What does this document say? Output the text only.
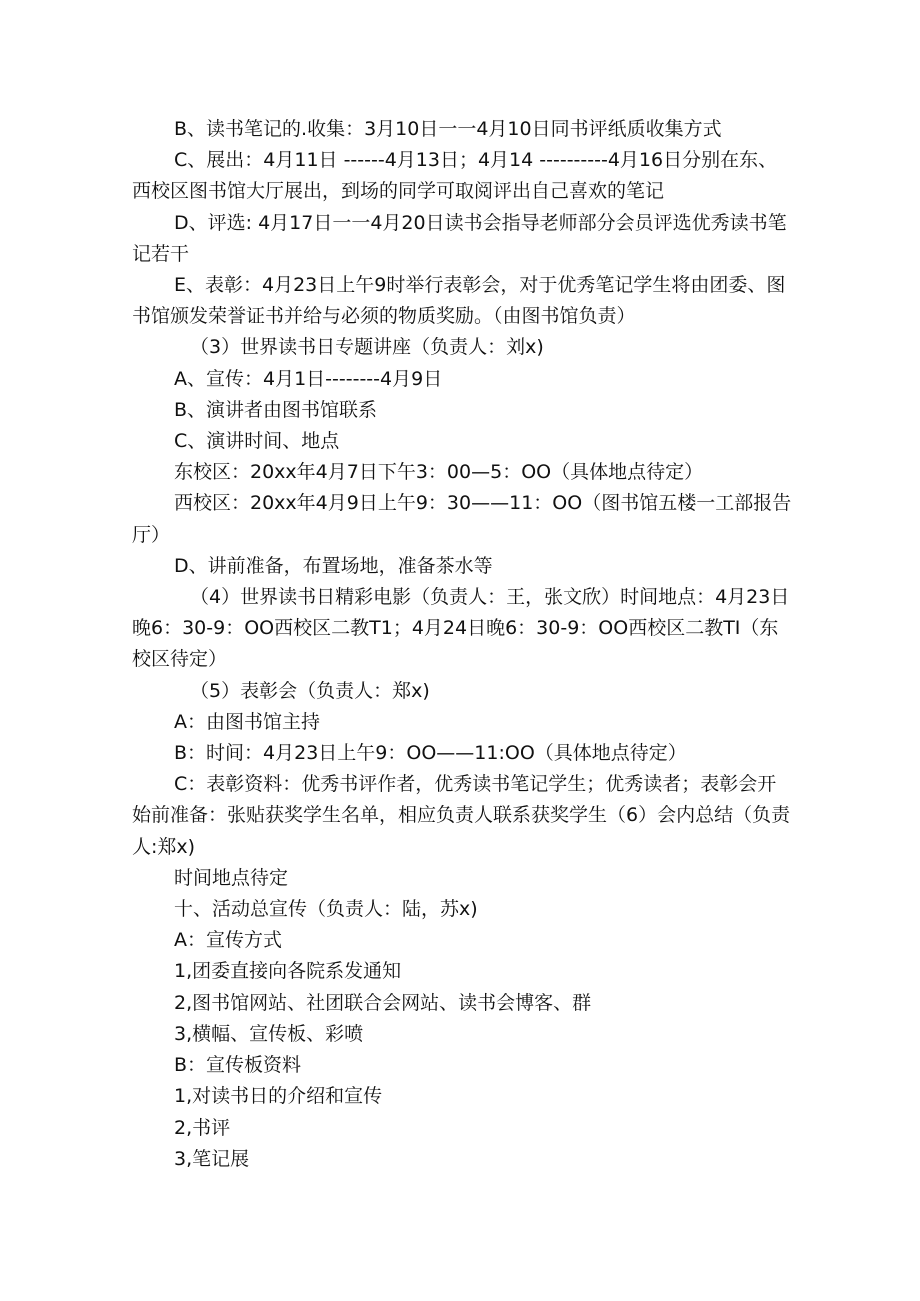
B、读书笔记的.收集：3月10日一一4月10日同书评纸质收集方式

C、展出：4月11日 ------4月13日；4月14 ----------4月16日分别在东、西校区图书馆大厅展出，到场的同学可取阅评出自己喜欢的笔记

D、评选: 4月17日一一4月20日读书会指导老师部分会员评选优秀读书笔记若干

E、表彰：4月23日上午9时举行表彰会，对于优秀笔记学生将由团委、图书馆颁发荣誉证书并给与必须的物质奖励。（由图书馆负责）

（3）世界读书日专题讲座（负责人：刘x)

A、宣传：4月1日--------4月9日

B、演讲者由图书馆联系

C、演讲时间、地点

东校区：20xx年4月7日下午3：00—5：OO（具体地点待定）

西校区：20xx年4月9日上午9：30——11：OO（图书馆五楼一工部报告厅）

D、讲前准备，布置场地，准备茶水等

（4）世界读书日精彩电影（负责人：王，张文欣）时间地点：4月23日晚6：30-9：OO西校区二教T1；4月24日晚6：30-9：OO西校区二教TI（东校区待定）

（5）表彰会（负责人：郑x)

A：由图书馆主持

B：时间：4月23日上午9：OO——11:OO（具体地点待定）

C：表彰资料：优秀书评作者，优秀读书笔记学生；优秀读者；表彰会开始前准备：张贴获奖学生名单，相应负责人联系获奖学生（6）会内总结（负责人:郑x)

时间地点待定

十、活动总宣传（负责人：陆，苏x)

A：宣传方式

1,团委直接向各院系发通知

2,图书馆网站、社团联合会网站、读书会博客、群

3,横幅、宣传板、彩喷

B：宣传板资料

1,对读书日的介绍和宣传

2,书评

3,笔记展
